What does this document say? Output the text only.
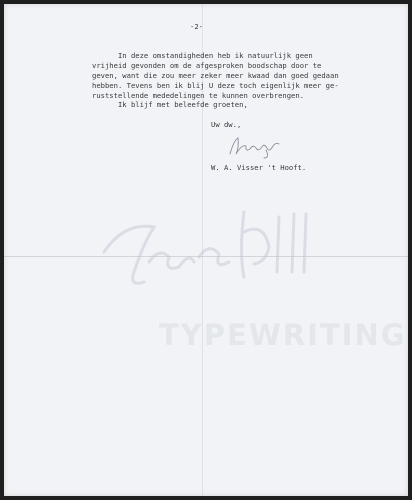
TYPEWRITING
-2-
In deze omstandigheden heb ik natuurlijk geen
vrijheid gevonden om de afgesproken boodschap door te
geven, want die zou meer zeker meer kwaad dan goed gedaan
hebben. Tevens ben ik blij U deze toch eigenlijk meer ge-
ruststellende mededelingen te kunnen overbrengen.
Ik blijf met beleefde groeten,
Uw dw.,
W. A. Visser 't Hooft.
